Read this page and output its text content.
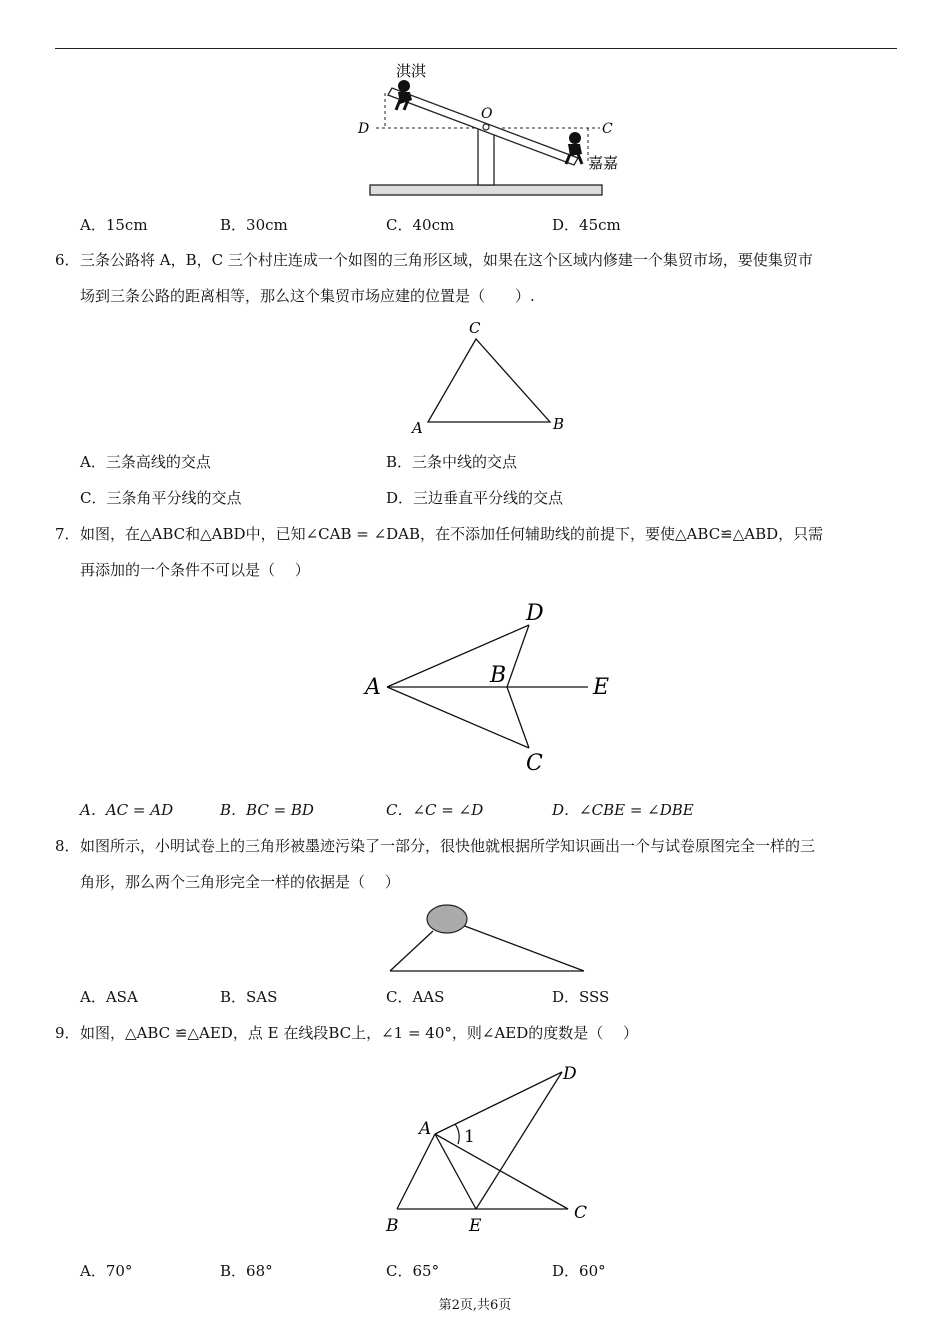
D
O
C
淇淇
嘉嘉
A．15cm	B．30cm	C．40cm	D．45cm
6．三条公路将 A，B，C 三个村庄连成一个如图的三角形区域，如果在这个区域内修建一个集贸市场，要使集贸市
场到三条公路的距离相等，那么这个集贸市场应建的位置是（　　）.
C
A	B
A．三条高线的交点	B．三条中线的交点
C．三条角平分线的交点	D．三边垂直平分线的交点
7．如图，在△ABC和△ABD中，已知∠CAB = ∠DAB，在不添加任何辅助线的前提下，要使△ABC≌△ABD，只需
再添加的一个条件不可以是（　 ）
D
A	B	E
C
A．AC = AD	B．BC = BD	C．∠C = ∠D	D．∠CBE = ∠DBE
8．如图所示，小明试卷上的三角形被墨迹污染了一部分，很快他就根据所学知识画出一个与试卷原图完全一样的三
角形，那么两个三角形完全一样的依据是（　 ）
A．ASA	B．SAS	C．AAS	D．SSS
9．如图，△ABC ≌△AED，点 E 在线段BC上，∠1 = 40°，则∠AED的度数是（　 ）
D
A 1
B	E
C
A．70°	B．68°	C．65°	D．60°
第2页,共6页
